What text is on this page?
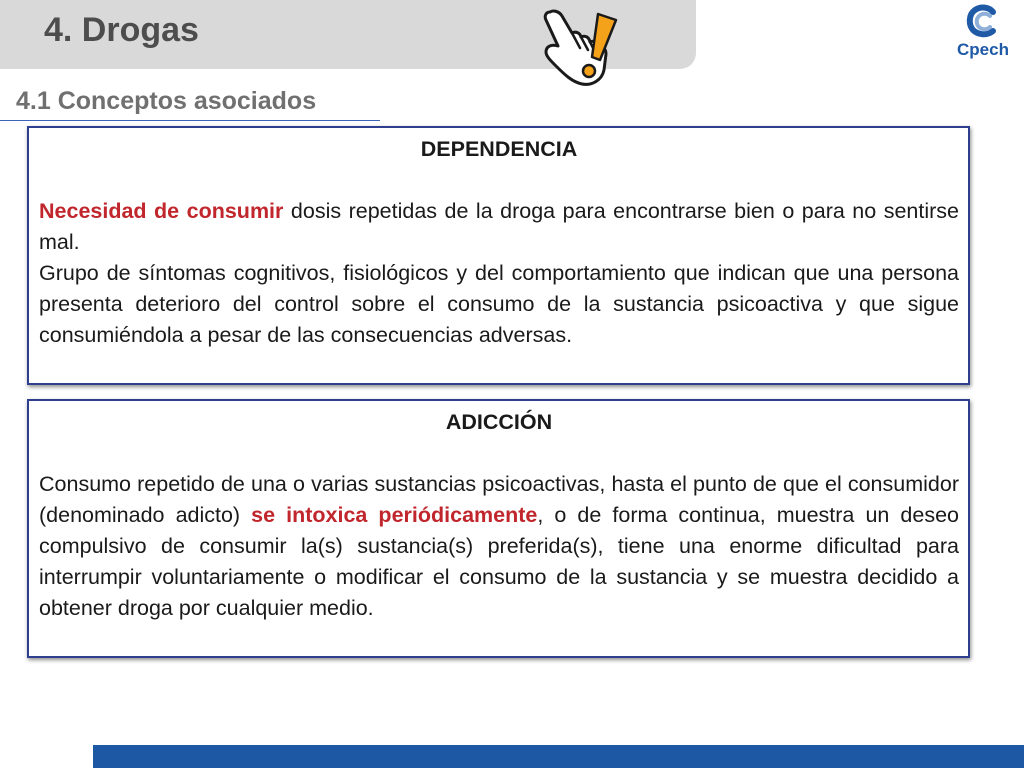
4. Drogas
Cpech
4.1 Conceptos asociados
DEPENDENCIA

Necesidad de consumir dosis repetidas de la droga para encontrarse bien o para no sentirse mal.

Grupo de síntomas cognitivos, fisiológicos y del comportamiento que indican que una persona presenta deterioro del control sobre el consumo de la sustancia psicoactiva y que sigue consumiéndola a pesar de las consecuencias adversas.

ADICCIÓN

Consumo repetido de una o varias sustancias psicoactivas, hasta el punto de que el consumidor (denominado adicto) se intoxica periódicamente, o de forma continua, muestra un deseo compulsivo de consumir la(s) sustancia(s) preferida(s), tiene una enorme dificultad para interrumpir voluntariamente o modificar el consumo de la sustancia y se muestra decidido a obtener droga por cualquier medio.
